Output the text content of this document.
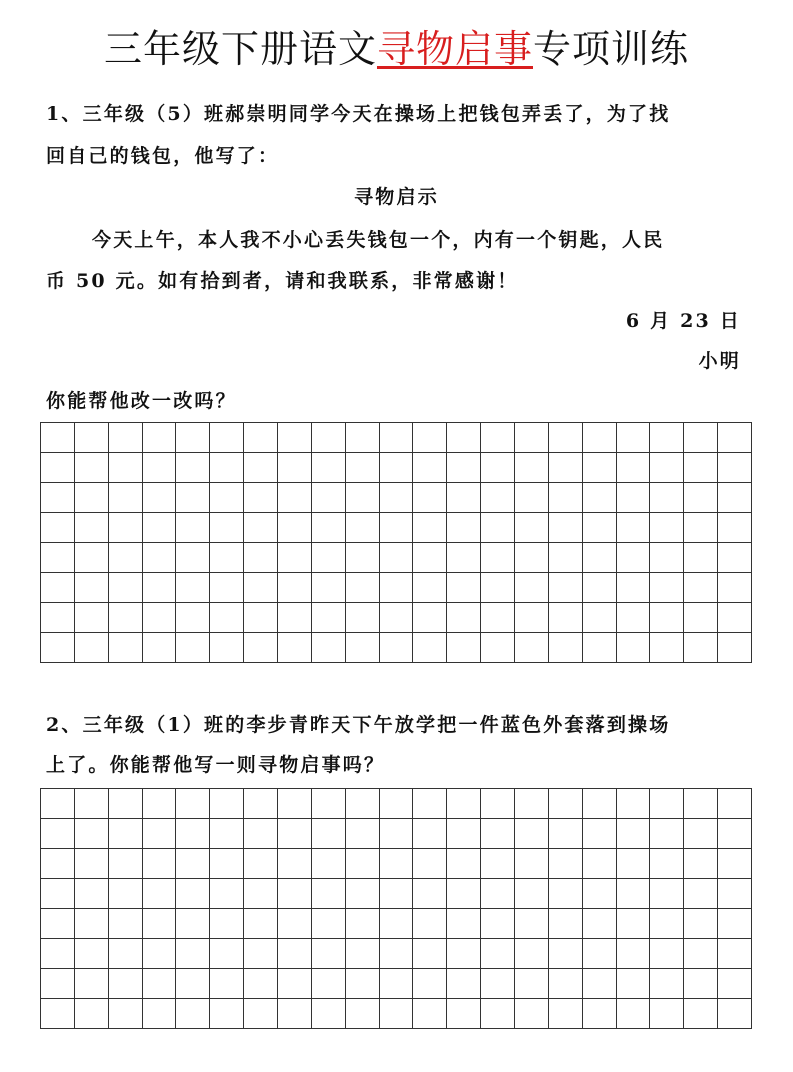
三年级下册语文寻物启事专项训练
1、三年级（5）班郝崇明同学今天在操场上把钱包弄丢了，为了找
回自己的钱包，他写了：
寻物启示
今天上午，本人我不小心丢失钱包一个，内有一个钥匙，人民
币 50 元。如有拾到者，请和我联系，非常感谢！
6 月 23 日
小明
你能帮他改一改吗？
2、三年级（1）班的李步青昨天下午放学把一件蓝色外套落到操场
上了。你能帮他写一则寻物启事吗？
